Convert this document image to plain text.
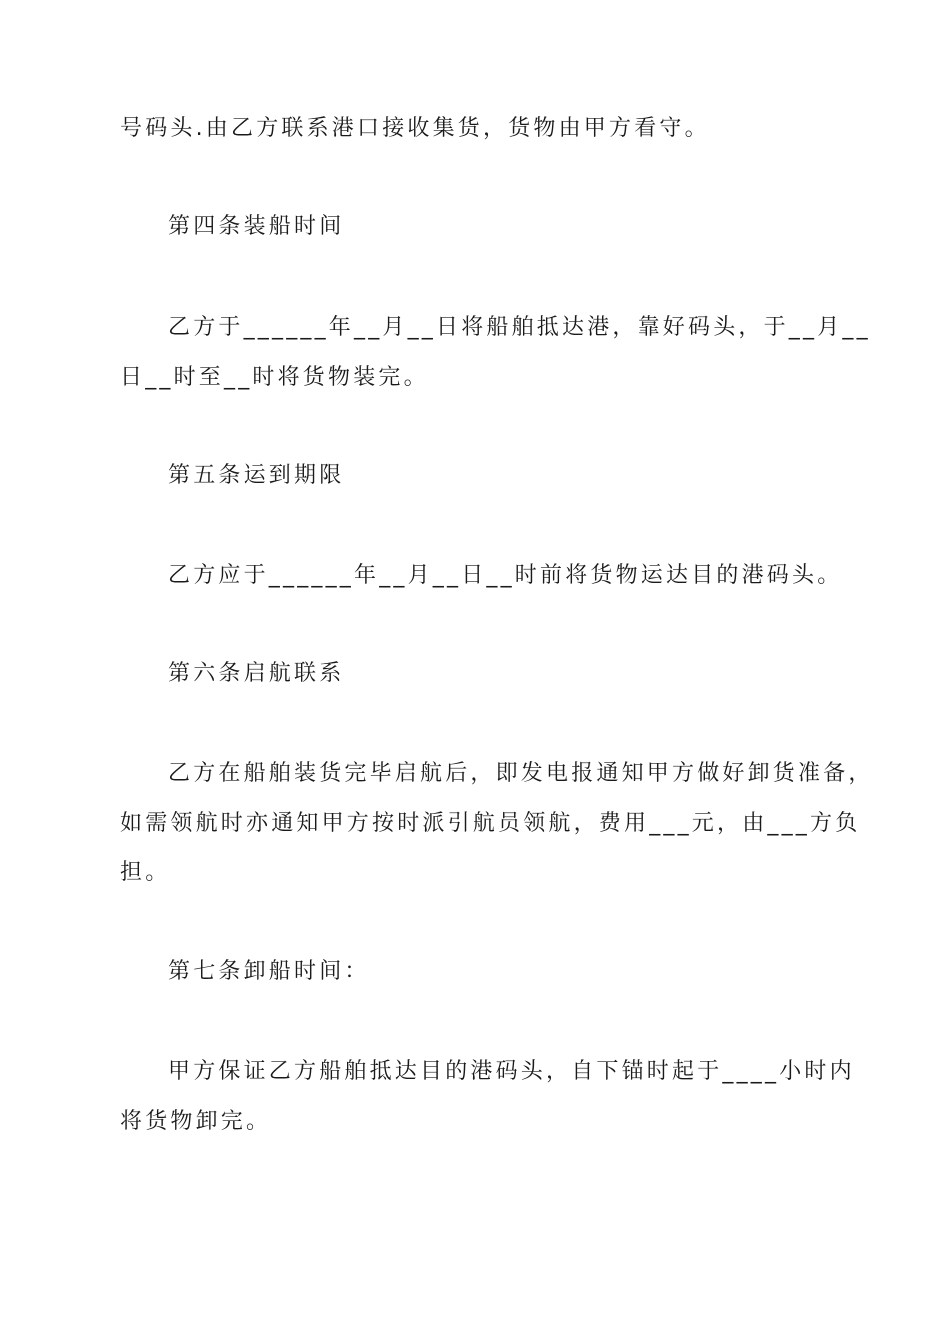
号码头.由乙方联系港口接收集货，货物由甲方看守。
第四条装船时间
乙方于______年__月__日将船舶抵达港，靠好码头，于__月__
日__时至__时将货物装完。
第五条运到期限
乙方应于______年__月__日__时前将货物运达目的港码头。
第六条启航联系
乙方在船舶装货完毕启航后，即发电报通知甲方做好卸货准备，
如需领航时亦通知甲方按时派引航员领航，费用___元，由___方负
担。
第七条卸船时间：
甲方保证乙方船舶抵达目的港码头，自下锚时起于____小时内
将货物卸完。
